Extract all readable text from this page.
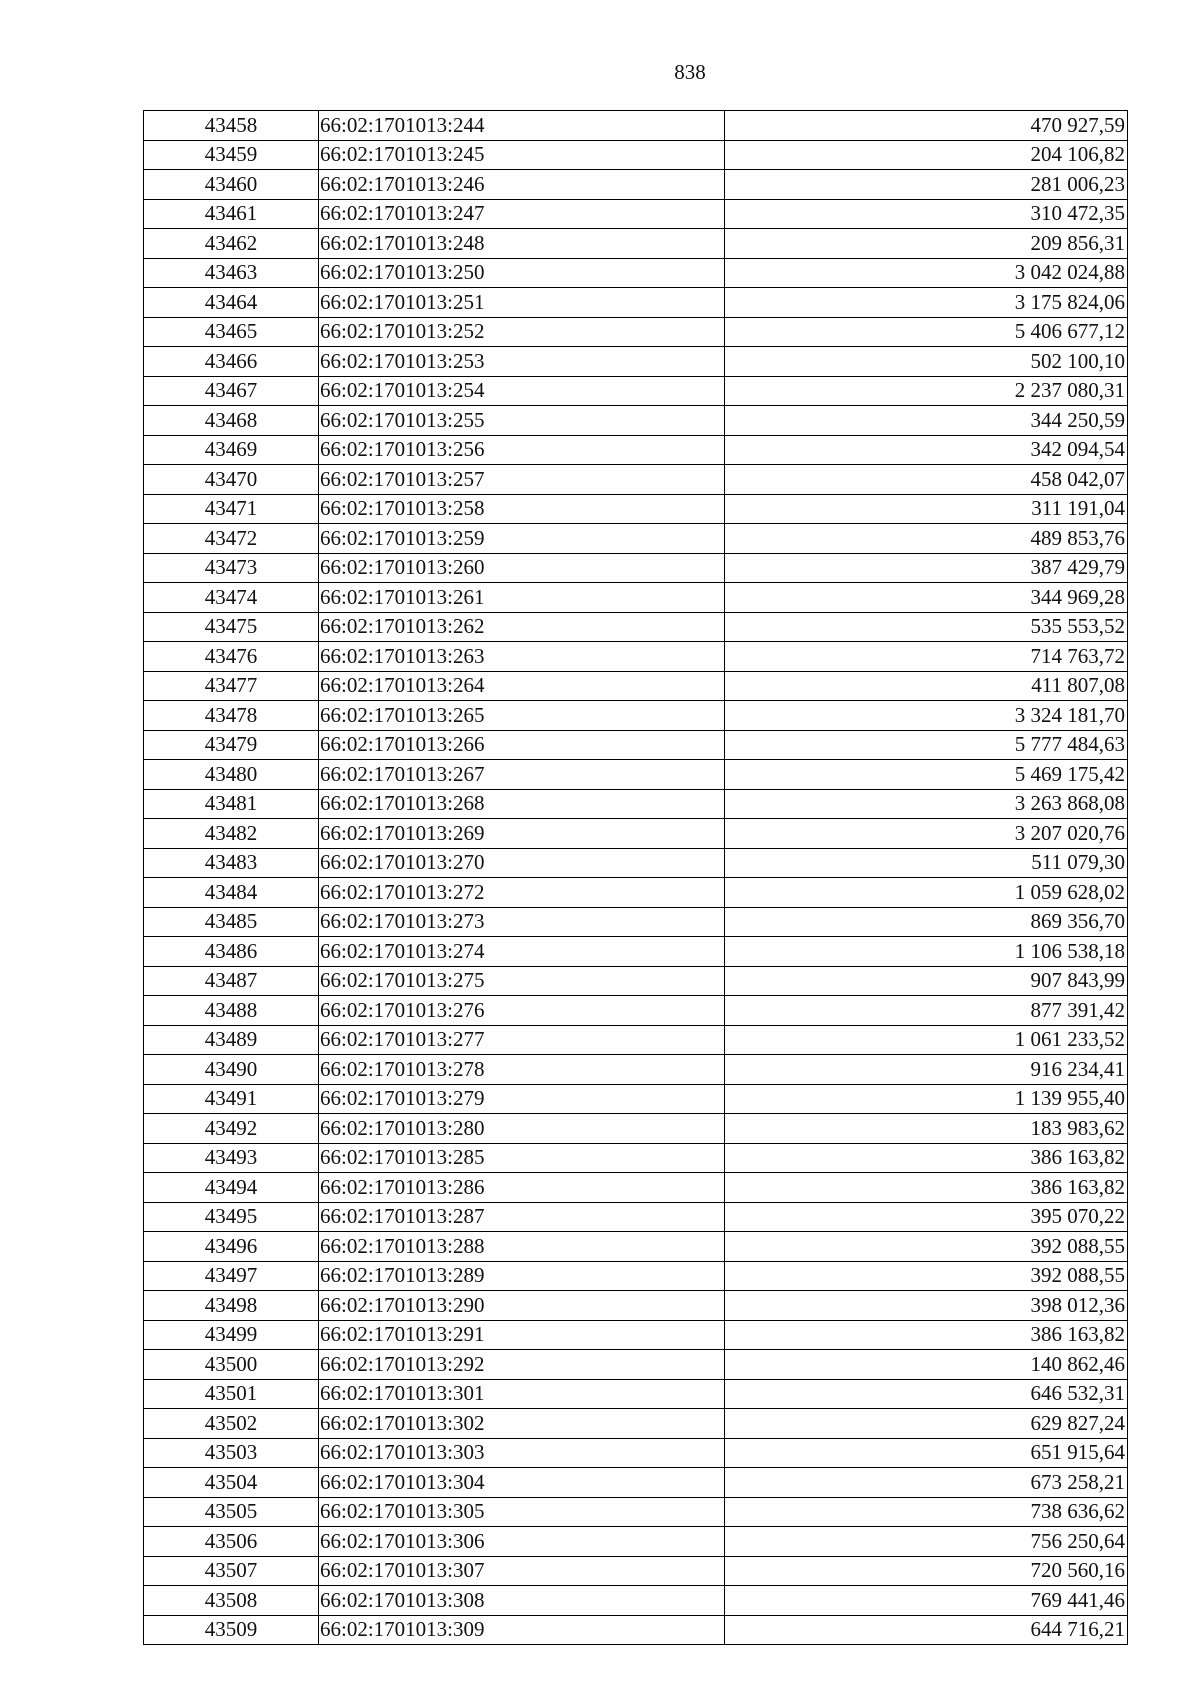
838
43458	66:02:1701013:244	470 927,59
43459	66:02:1701013:245	204 106,82
43460	66:02:1701013:246	281 006,23
43461	66:02:1701013:247	310 472,35
43462	66:02:1701013:248	209 856,31
43463	66:02:1701013:250	3 042 024,88
43464	66:02:1701013:251	3 175 824,06
43465	66:02:1701013:252	5 406 677,12
43466	66:02:1701013:253	502 100,10
43467	66:02:1701013:254	2 237 080,31
43468	66:02:1701013:255	344 250,59
43469	66:02:1701013:256	342 094,54
43470	66:02:1701013:257	458 042,07
43471	66:02:1701013:258	311 191,04
43472	66:02:1701013:259	489 853,76
43473	66:02:1701013:260	387 429,79
43474	66:02:1701013:261	344 969,28
43475	66:02:1701013:262	535 553,52
43476	66:02:1701013:263	714 763,72
43477	66:02:1701013:264	411 807,08
43478	66:02:1701013:265	3 324 181,70
43479	66:02:1701013:266	5 777 484,63
43480	66:02:1701013:267	5 469 175,42
43481	66:02:1701013:268	3 263 868,08
43482	66:02:1701013:269	3 207 020,76
43483	66:02:1701013:270	511 079,30
43484	66:02:1701013:272	1 059 628,02
43485	66:02:1701013:273	869 356,70
43486	66:02:1701013:274	1 106 538,18
43487	66:02:1701013:275	907 843,99
43488	66:02:1701013:276	877 391,42
43489	66:02:1701013:277	1 061 233,52
43490	66:02:1701013:278	916 234,41
43491	66:02:1701013:279	1 139 955,40
43492	66:02:1701013:280	183 983,62
43493	66:02:1701013:285	386 163,82
43494	66:02:1701013:286	386 163,82
43495	66:02:1701013:287	395 070,22
43496	66:02:1701013:288	392 088,55
43497	66:02:1701013:289	392 088,55
43498	66:02:1701013:290	398 012,36
43499	66:02:1701013:291	386 163,82
43500	66:02:1701013:292	140 862,46
43501	66:02:1701013:301	646 532,31
43502	66:02:1701013:302	629 827,24
43503	66:02:1701013:303	651 915,64
43504	66:02:1701013:304	673 258,21
43505	66:02:1701013:305	738 636,62
43506	66:02:1701013:306	756 250,64
43507	66:02:1701013:307	720 560,16
43508	66:02:1701013:308	769 441,46
43509	66:02:1701013:309	644 716,21
